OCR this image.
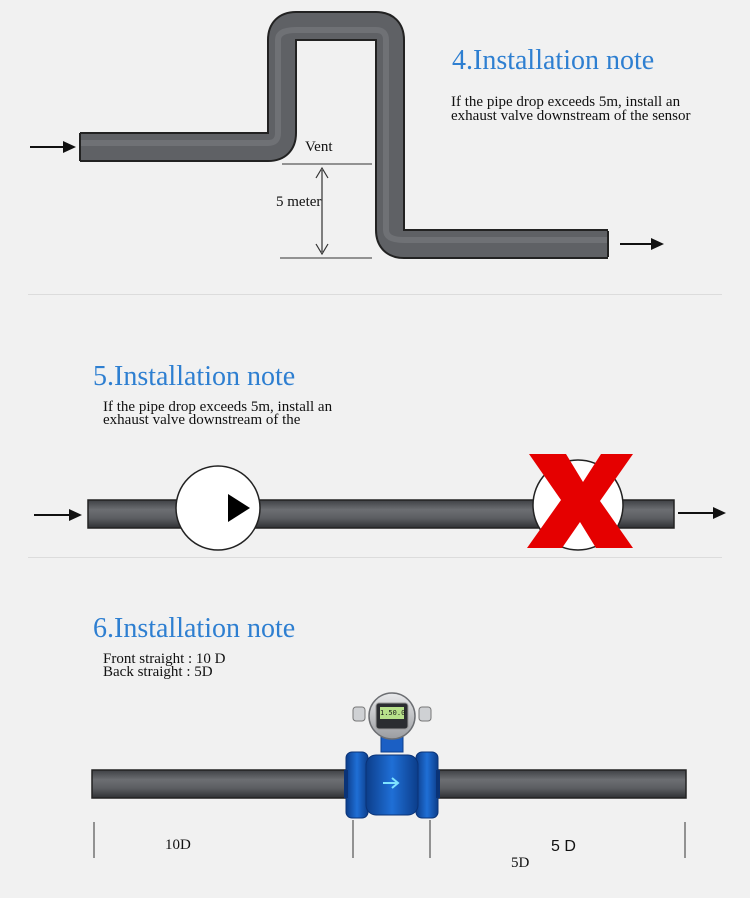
4.Installation note
If the pipe drop exceeds 5m, install an
exhaust valve downstream of the sensor
Vent
5 meter
5.Installation note
If the pipe drop exceeds 5m, install an
exhaust valve downstream of the
6.Installation note
Front straight : 10 D
Back straight : 5D
1.50.0
10D	5 D
5D
